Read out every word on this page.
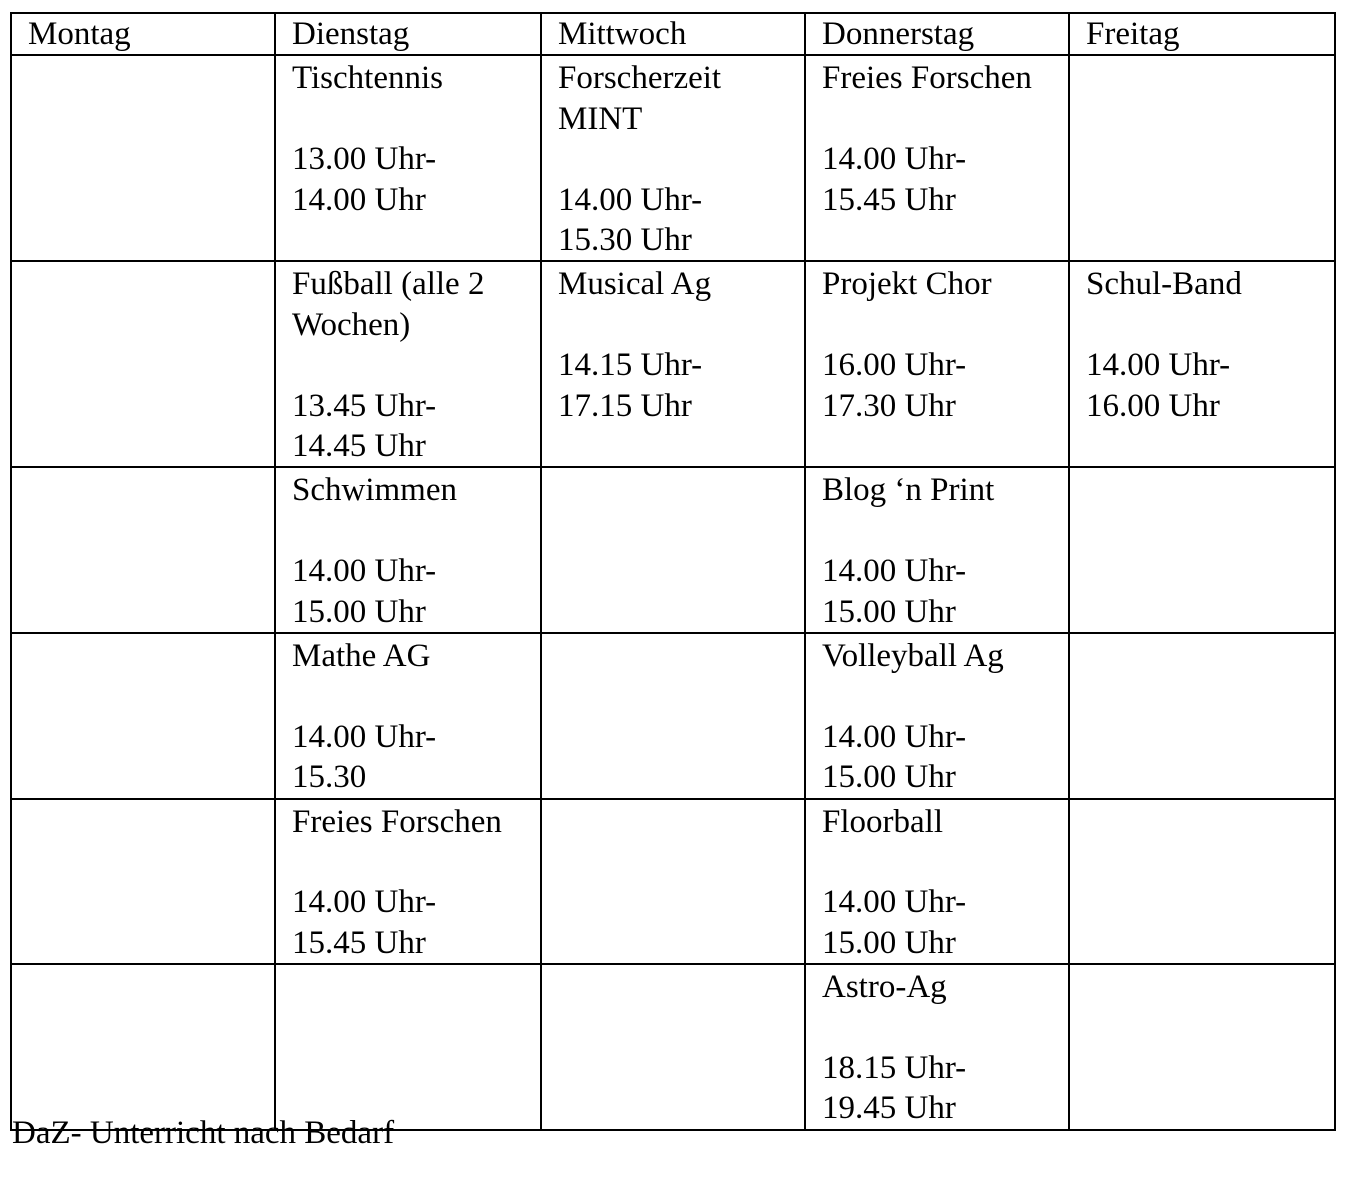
Montag	Dienstag	Mittwoch	Donnerstag	Freitag

	Tischtennis
13.00 Uhr-
14.00 Uhr	Forscherzeit
MINT
14.00 Uhr-
15.30 Uhr	Freies Forschen
14.00 Uhr-
15.45 Uhr	

	Fußball (alle 2
Wochen)
13.45 Uhr-
14.45 Uhr	Musical Ag
14.15 Uhr-
17.15 Uhr	Projekt Chor
16.00 Uhr-
17.30 Uhr	Schul-Band
14.00 Uhr-
16.00 Uhr

	Schwimmen
14.00 Uhr-
15.00 Uhr		Blog ‘n Print
14.00 Uhr-
15.00 Uhr	

	Mathe AG
14.00 Uhr-
15.30		Volleyball Ag
14.00 Uhr-
15.00 Uhr	

	Freies Forschen
14.00 Uhr-
15.45 Uhr		Floorball
14.00 Uhr-
15.00 Uhr	

			Astro-Ag
18.15 Uhr-
19.45 Uhr	

DaZ- Unterricht nach Bedarf
